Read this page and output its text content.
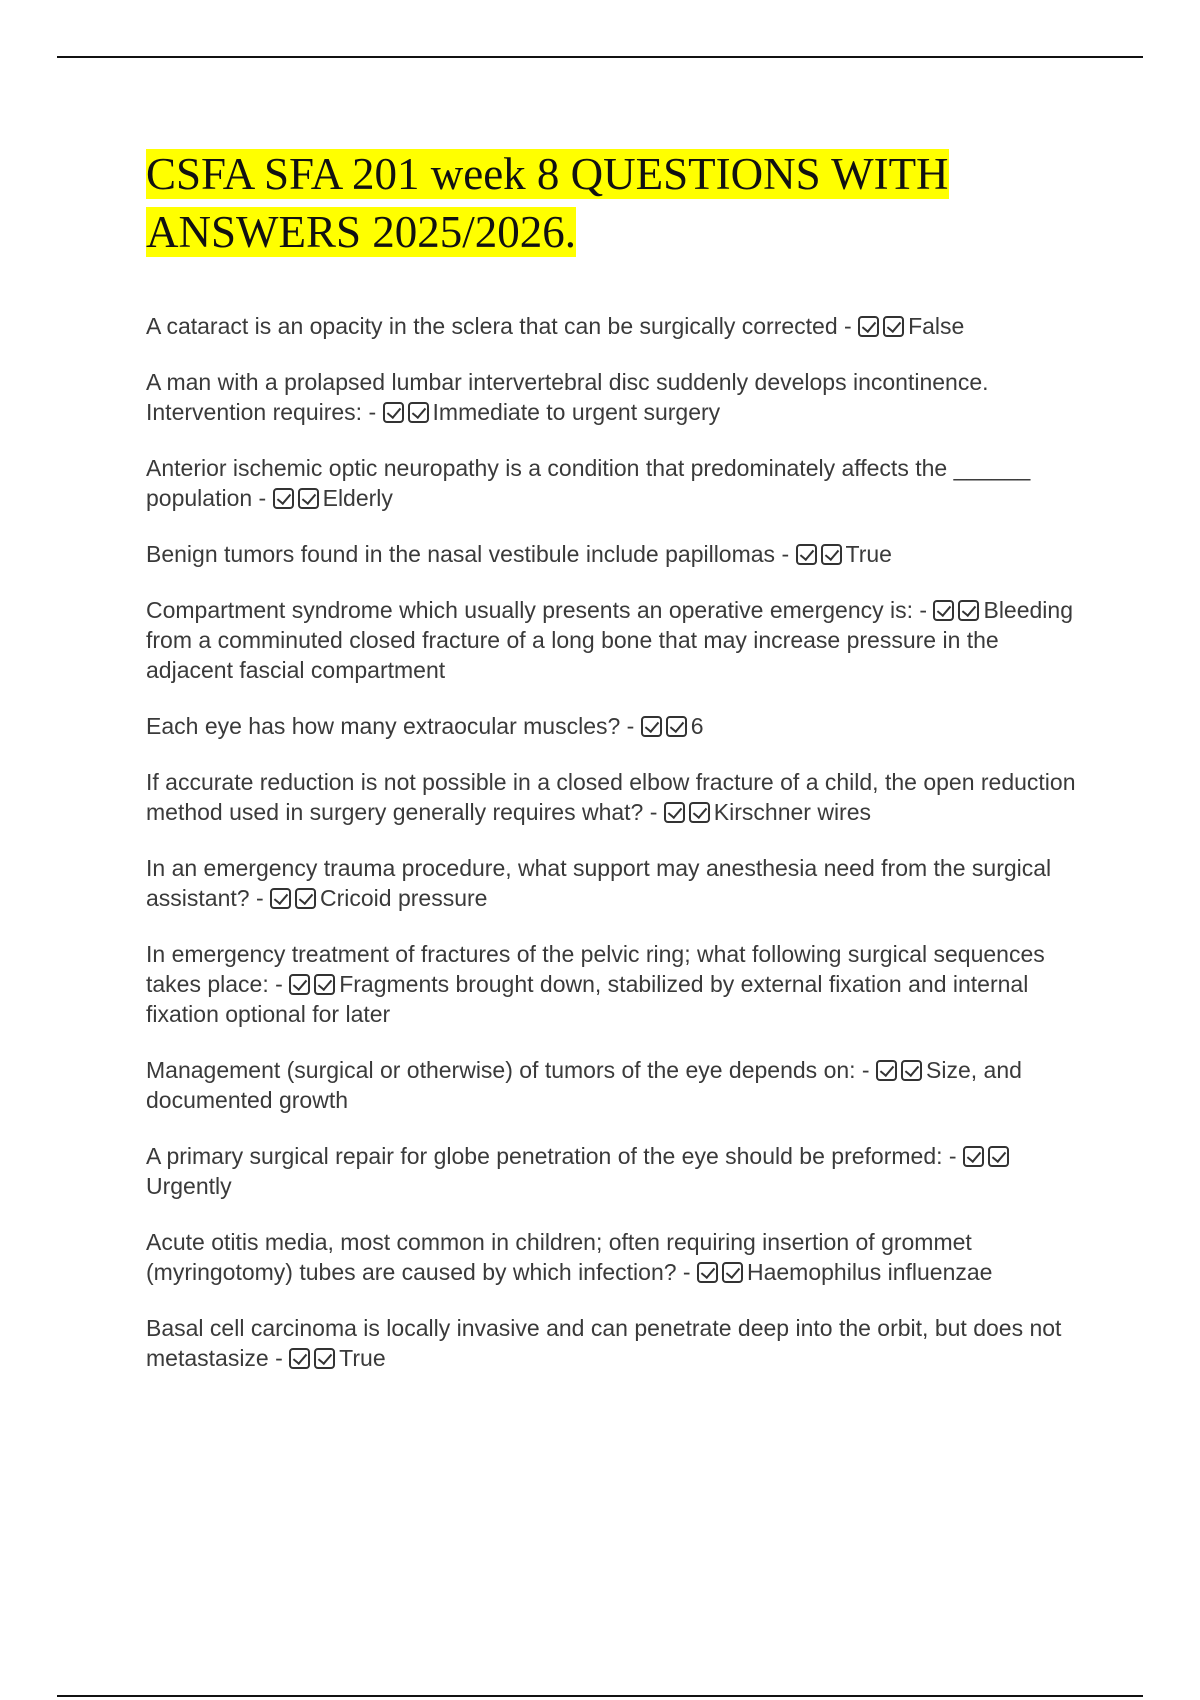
CSFA SFA 201 week 8 QUESTIONS WITH ANSWERS 2025/2026.

A cataract is an opacity in the sclera that can be surgically corrected - False

A man with a prolapsed lumbar intervertebral disc suddenly develops incontinence. Intervention requires: - Immediate to urgent surgery

Anterior ischemic optic neuropathy is a condition that predominately affects the ______ population - Elderly

Benign tumors found in the nasal vestibule include papillomas - True

Compartment syndrome which usually presents an operative emergency is: - Bleeding from a comminuted closed fracture of a long bone that may increase pressure in the adjacent fascial compartment

Each eye has how many extraocular muscles? - 6

If accurate reduction is not possible in a closed elbow fracture of a child, the open reduction method used in surgery generally requires what? - Kirschner wires

In an emergency trauma procedure, what support may anesthesia need from the surgical assistant? - Cricoid pressure

In emergency treatment of fractures of the pelvic ring; what following surgical sequences takes place: - Fragments brought down, stabilized by external fixation and internal fixation optional for later

Management (surgical or otherwise) of tumors of the eye depends on: - Size, and documented growth

A primary surgical repair for globe penetration of the eye should be preformed: - Urgently

Acute otitis media, most common in children; often requiring insertion of grommet (myringotomy) tubes are caused by which infection? - Haemophilus influenzae

Basal cell carcinoma is locally invasive and can penetrate deep into the orbit, but does not metastasize - True
